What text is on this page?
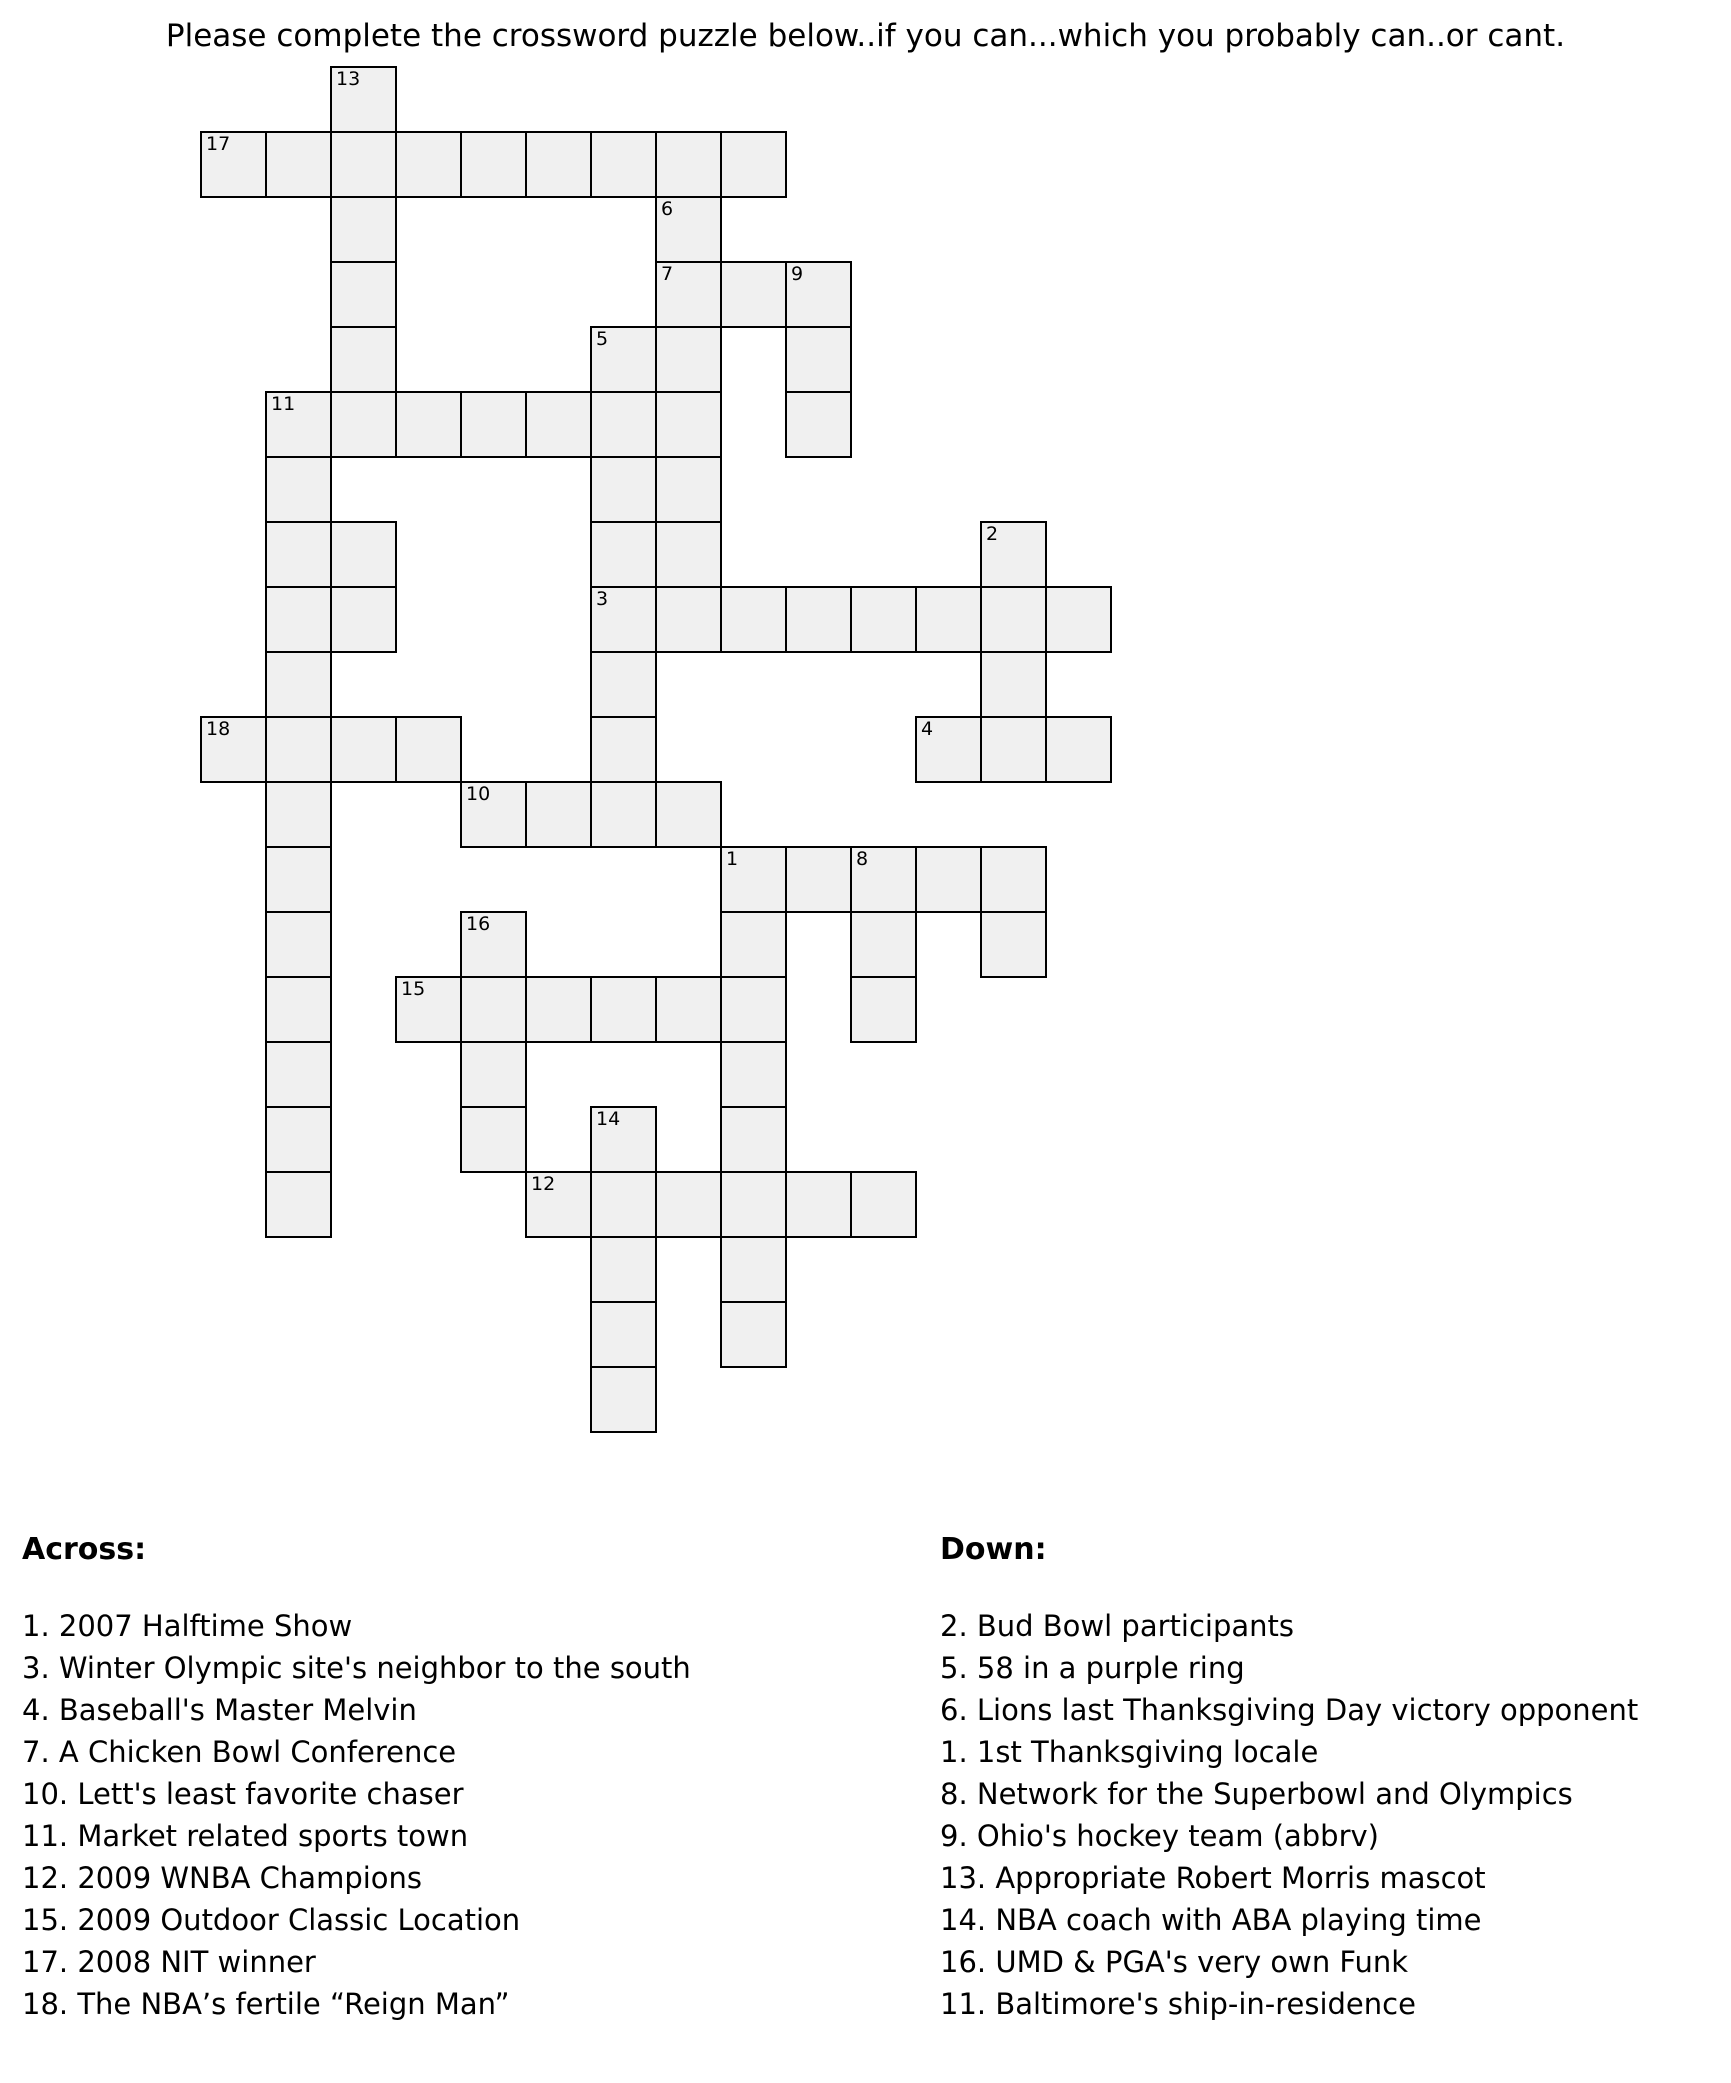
Please complete the crossword puzzle below..if you can...which you probably can..or cant.
13
17
6
7	9
5
11
2
3
18	4
10
1	8
16
15
14
12
Across:
1. 2007 Halftime Show
3. Winter Olympic site's neighbor to the south
4. Baseball's Master Melvin
7. A Chicken Bowl Conference
10. Lett's least favorite chaser
11. Market related sports town
12. 2009 WNBA Champions
15. 2009 Outdoor Classic Location
17. 2008 NIT winner
18. The NBA’s fertile “Reign Man”
Down:
2. Bud Bowl participants
5. 58 in a purple ring
6. Lions last Thanksgiving Day victory opponent
1. 1st Thanksgiving locale
8. Network for the Superbowl and Olympics
9. Ohio's hockey team (abbrv)
13. Appropriate Robert Morris mascot
14. NBA coach with ABA playing time
16. UMD & PGA's very own Funk
11. Baltimore's ship-in-residence
